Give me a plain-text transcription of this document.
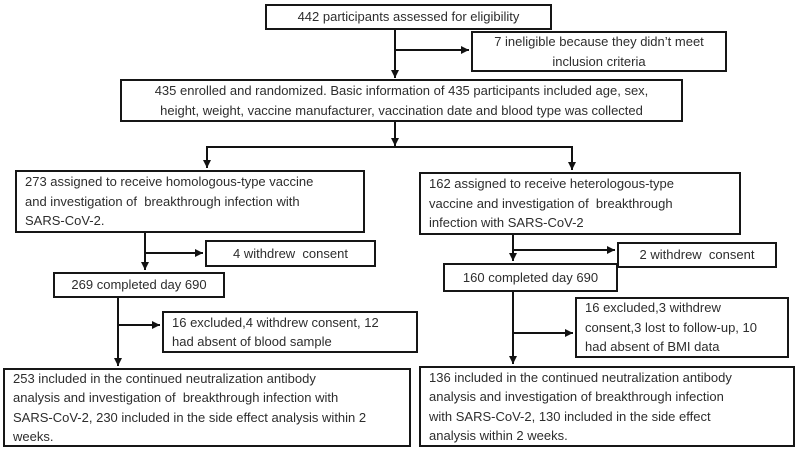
442 participants assessed for eligibility
7 ineligible because they didn’t meet
inclusion criteria
435 enrolled and randomized. Basic information of 435 participants included age, sex,
height, weight, vaccine manufacturer, vaccination date and blood type was collected
273 assigned to receive homologous-type vaccine
and investigation of  breakthrough infection with
SARS-CoV-2.
162 assigned to receive heterologous-type
vaccine and investigation of  breakthrough
infection with SARS-CoV-2
4 withdrew  consent
269 completed day 690
16 excluded,4 withdrew consent, 12
had absent of blood sample
253 included in the continued neutralization antibody
analysis and investigation of  breakthrough infection with
SARS-CoV-2, 230 included in the side effect analysis within 2
weeks.
2 withdrew  consent
160 completed day 690
16 excluded,3 withdrew
consent,3 lost to follow-up, 10
had absent of BMI data
136 included in the continued neutralization antibody
analysis and investigation of breakthrough infection
with SARS-CoV-2, 130 included in the side effect
analysis within 2 weeks.
